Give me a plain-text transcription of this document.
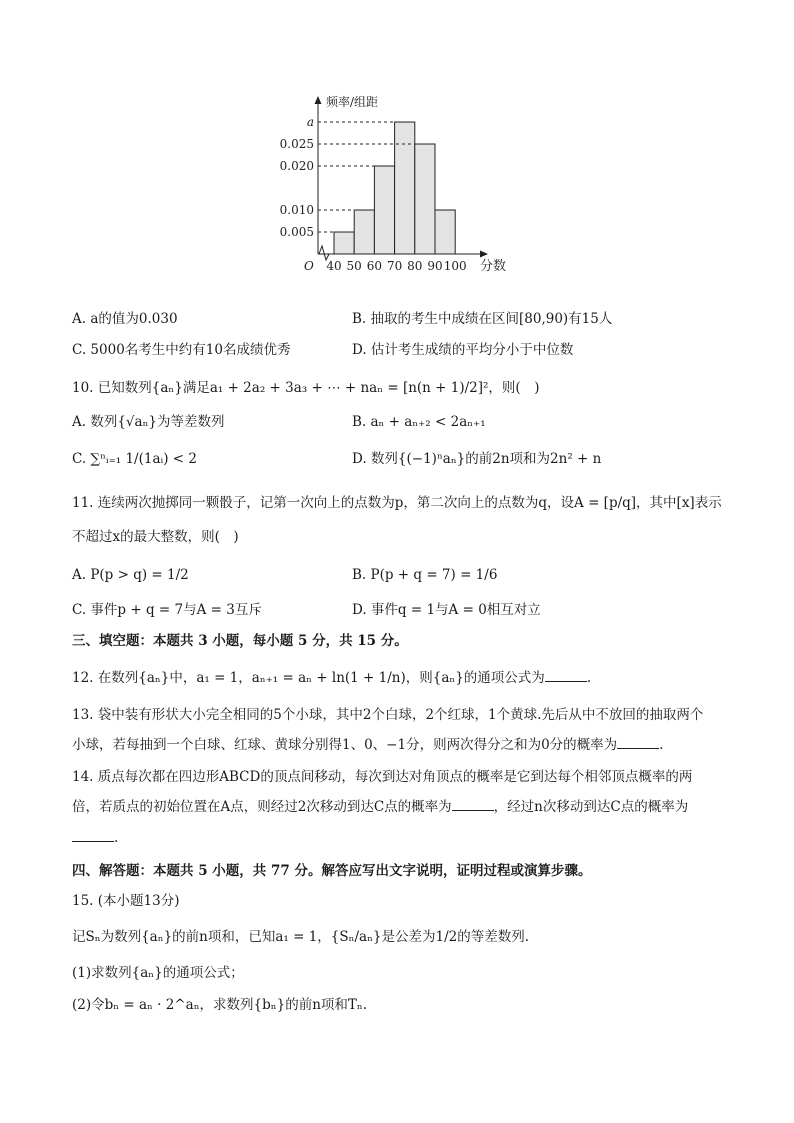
0.005
0.010
0.020
0.025
a
40 50 60 70 80 90 100
频率/组距
分数
O
A. a的值为0.030	B. 抽取的考生中成绩在区间[80,90)有15人
C. 5000名考生中约有10名成绩优秀	D. 估计考生成绩的平均分小于中位数
10. 已知数列{aₙ}满足a₁ + 2a₂ + 3a₃ + ⋯ + naₙ = [n(n + 1)/2]²，则(　)
A. 数列{√aₙ}为等差数列	B. aₙ + aₙ₊₂ < 2aₙ₊₁
C. ∑ⁿᵢ₌₁ 1/(1aᵢ) < 2	D. 数列{(−1)ⁿaₙ}的前2n项和为2n² + n
11. 连续两次抛掷同一颗骰子，记第一次向上的点数为p，第二次向上的点数为q，设A = [p/q]，其中[x]表示
不超过x的最大整数，则(　)
A. P(p > q) = 1/2	B. P(p + q = 7) = 1/6
C. 事件p + q = 7与A = 3互斥	D. 事件q = 1与A = 0相互对立
三、填空题：本题共 3 小题，每小题 5 分，共 15 分。
12. 在数列{aₙ}中，a₁ = 1，aₙ₊₁ = aₙ + ln(1 + 1/n)，则{aₙ}的通项公式为	.
13. 袋中装有形状大小完全相同的5个小球，其中2个白球，2个红球，1个黄球.先后从中不放回的抽取两个
小球，若每抽到一个白球、红球、黄球分别得1、0、−1分，则两次得分之和为0分的概率为	.
14. 质点每次都在四边形ABCD的顶点间移动，每次到达对角顶点的概率是它到达每个相邻顶点概率的两
倍，若质点的初始位置在A点，则经过2次移动到达C点的概率为	，经过n次移动到达C点的概率为
.
四、解答题：本题共 5 小题，共 77 分。解答应写出文字说明，证明过程或演算步骤。
15. (本小题13分)
记Sₙ为数列{aₙ}的前n项和，已知a₁ = 1，{Sₙ/aₙ}是公差为1/2的等差数列.
(1)求数列{aₙ}的通项公式；
(2)令bₙ = aₙ · 2^aₙ，求数列{bₙ}的前n项和Tₙ.
